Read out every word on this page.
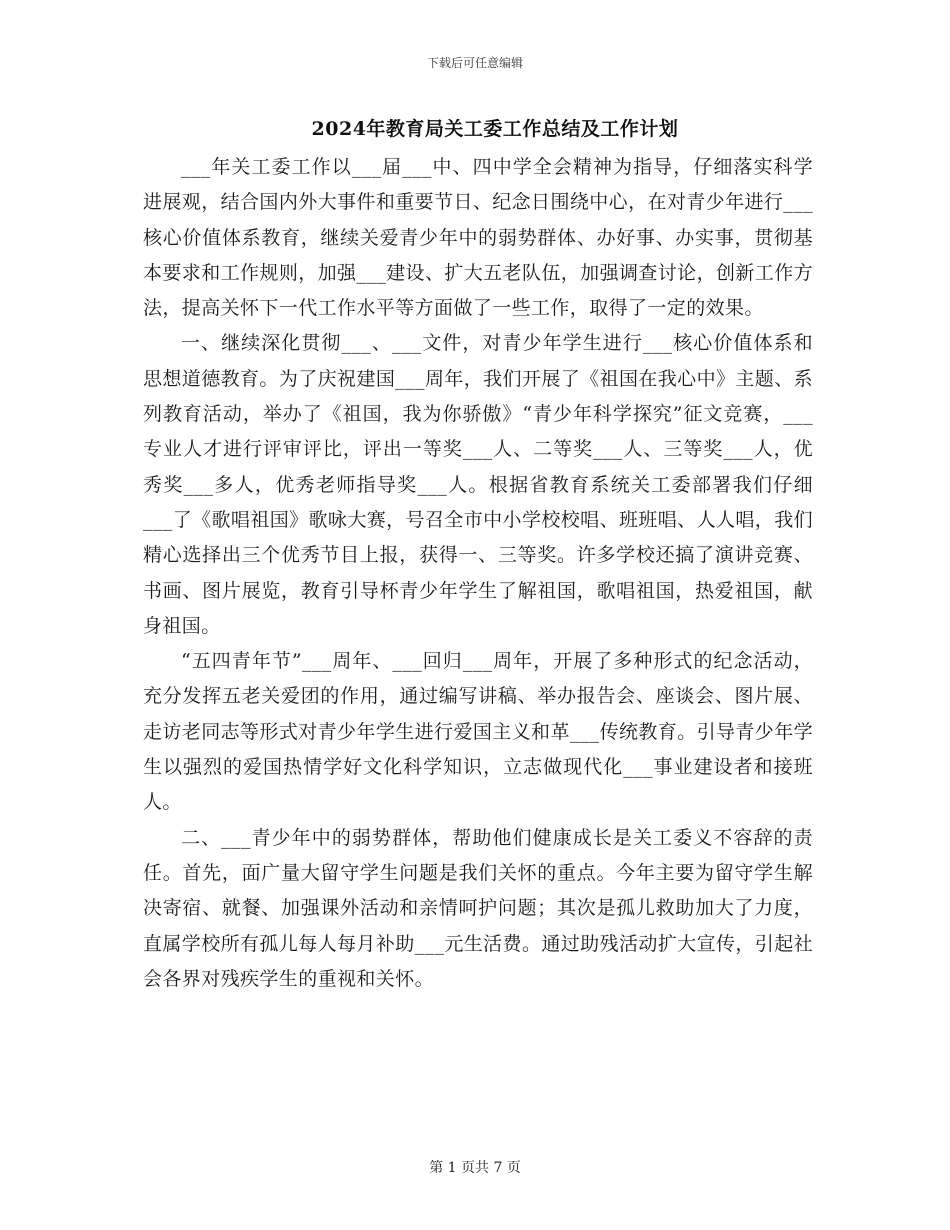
下载后可任意编辑
2024年教育局关工委工作总结及工作计划

___年关工委工作以___届___中、四中学全会精神为指导，仔细落实科学进展观，结合国内外大事件和重要节日、纪念日围绕中心，在对青少年进行___核心价值体系教育，继续关爱青少年中的弱势群体、办好事、办实事，贯彻基本要求和工作规则，加强___建设、扩大五老队伍，加强调查讨论，创新工作方法，提高关怀下一代工作水平等方面做了一些工作，取得了一定的效果。

一、继续深化贯彻___、___文件，对青少年学生进行___核心价值体系和思想道德教育。为了庆祝建国___周年，我们开展了《祖国在我心中》主题、系列教育活动，举办了《祖国，我为你骄傲》“青少年科学探究”征文竞赛，___专业人才进行评审评比，评出一等奖___人、二等奖___人、三等奖___人，优秀奖___多人，优秀老师指导奖___人。根据省教育系统关工委部署我们仔细___了《歌唱祖国》歌咏大赛，号召全市中小学校校唱、班班唱、人人唱，我们精心选择出三个优秀节目上报，获得一、三等奖。许多学校还搞了演讲竞赛、书画、图片展览，教育引导杯青少年学生了解祖国，歌唱祖国，热爱祖国，献身祖国。

“五四青年节”___周年、___回归___周年，开展了多种形式的纪念活动，充分发挥五老关爱团的作用，通过编写讲稿、举办报告会、座谈会、图片展、走访老同志等形式对青少年学生进行爱国主义和革___传统教育。引导青少年学生以强烈的爱国热情学好文化科学知识，立志做现代化___事业建设者和接班人。

二、___青少年中的弱势群体，帮助他们健康成长是关工委义不容辞的责任。首先，面广量大留守学生问题是我们关怀的重点。今年主要为留守学生解决寄宿、就餐、加强课外活动和亲情呵护问题；其次是孤儿救助加大了力度，直属学校所有孤儿每人每月补助___元生活费。通过助残活动扩大宣传，引起社会各界对残疾学生的重视和关怀。

第 1 页共 7 页
